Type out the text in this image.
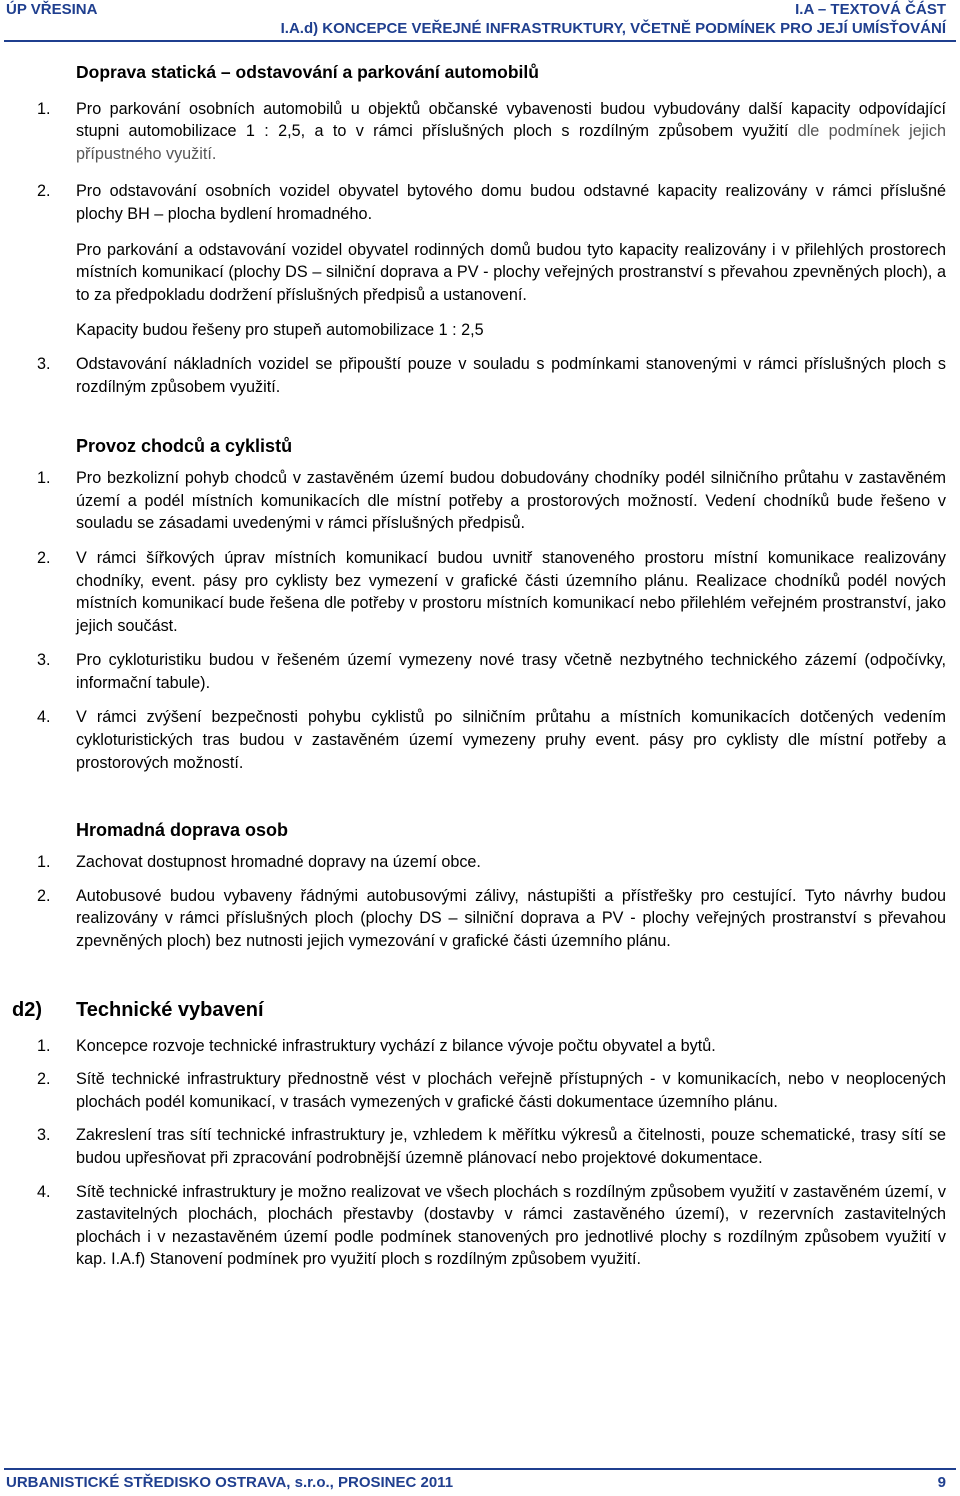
ÚP VŘESINA	I.A – TEXTOVÁ ČÁST
I.A.d) KONCEPCE VEŘEJNÉ INFRASTRUKTURY, VČETNĚ PODMÍNEK PRO JEJÍ UMÍSŤOVÁNÍ
Doprava statická – odstavování a parkování automobilů
1. Pro parkování osobních automobilů u objektů občanské vybavenosti budou vybudovány další kapacity odpovídající stupni automobilizace 1 : 2,5, a to v rámci příslušných ploch s rozdílným způsobem využití dle podmínek jejich přípustného využití.
2. Pro odstavování osobních vozidel obyvatel bytového domu budou odstavné kapacity realizovány v rámci příslušné plochy BH – plocha bydlení hromadného.
Pro parkování a odstavování vozidel obyvatel rodinných domů budou tyto kapacity realizovány i v přilehlých prostorech místních komunikací (plochy DS – silniční doprava a PV - plochy veřejných prostranství s převahou zpevněných ploch), a to za předpokladu dodržení příslušných předpisů a ustanovení.
Kapacity budou řešeny pro stupeň automobilizace 1 : 2,5
3. Odstavování nákladních vozidel se připouští pouze v souladu s podmínkami stanovenými v rámci příslušných ploch s rozdílným způsobem využití.
Provoz chodců a cyklistů
1. Pro bezkolizní pohyb chodců v zastavěném území budou dobudovány chodníky podél silničního průtahu v zastavěném území a podél místních komunikacích dle místní potřeby a prostorových možností. Vedení chodníků bude řešeno v souladu se zásadami uvedenými v rámci příslušných předpisů.
2. V rámci šířkových úprav místních komunikací budou uvnitř stanoveného prostoru místní komunikace realizovány chodníky, event. pásy pro cyklisty bez vymezení v grafické části územního plánu. Realizace chodníků podél nových místních komunikací bude řešena dle potřeby v prostoru místních komunikací nebo přilehlém veřejném prostranství, jako jejich součást.
3. Pro cykloturistiku budou v řešeném území vymezeny nové trasy včetně nezbytného technického zázemí (odpočívky, informační tabule).
4. V rámci zvýšení bezpečnosti pohybu cyklistů po silničním průtahu a místních komunikacích dotčených vedením cykloturistických tras budou v zastavěném území vymezeny pruhy event. pásy pro cyklisty dle místní potřeby a prostorových možností.
Hromadná doprava osob
1. Zachovat dostupnost hromadné dopravy na území obce.
2. Autobusové budou vybaveny řádnými autobusovými zálivy, nástupišti a přístřešky pro cestující. Tyto návrhy budou realizovány v rámci příslušných ploch (plochy DS – silniční doprava a PV - plochy veřejných prostranství s převahou zpevněných ploch) bez nutnosti jejich vymezování v grafické části územního plánu.
d2) Technické vybavení
1. Koncepce rozvoje technické infrastruktury vychází z bilance vývoje počtu obyvatel a bytů.
2. Sítě technické infrastruktury přednostně vést v plochách veřejně přístupných - v komunikacích, nebo v neoplocených plochách podél komunikací, v trasách vymezených v grafické části dokumentace územního plánu.
3. Zakreslení tras sítí technické infrastruktury je, vzhledem k měřítku výkresů a čitelnosti, pouze schematické, trasy sítí se budou upřesňovat při zpracování podrobnější územně plánovací nebo projektové dokumentace.
4. Sítě technické infrastruktury je možno realizovat ve všech plochách s rozdílným způsobem využití v zastavěném území, v zastavitelných plochách, plochách přestavby (dostavby v rámci zastavěného území), v rezervních zastavitelných plochách i v nezastavěném území podle podmínek stanovených pro jednotlivé plochy s rozdílným způsobem využití v kap. I.A.f) Stanovení podmínek pro využití ploch s rozdílným způsobem využití.
URBANISTICKÉ STŘEDISKO OSTRAVA, s.r.o., PROSINEC 2011	9
